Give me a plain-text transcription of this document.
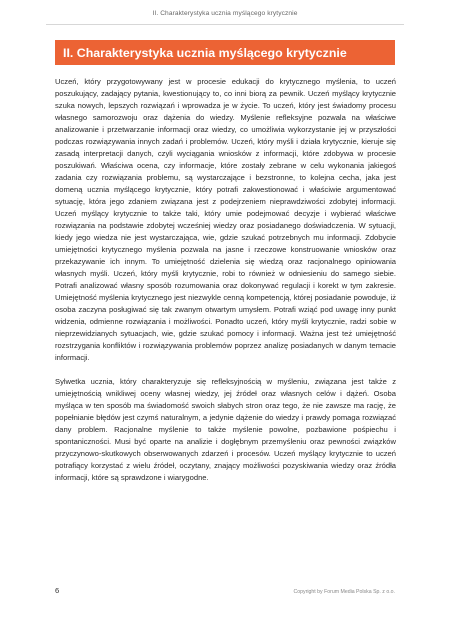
II. Charakterystyka ucznia myślącego krytycznie
II. Charakterystyka ucznia myślącego krytycznie

Uczeń, który przygotowywany jest w procesie edukacji do krytycznego myślenia, to uczeń poszukujący, zadający pytania, kwestionujący to, co inni biorą za pewnik. Uczeń myślący krytycznie szuka nowych, lepszych rozwiązań i wprowadza je w życie. To uczeń, który jest świadomy procesu własnego samorozwoju oraz dążenia do wiedzy. Myślenie refleksyjne pozwala na właściwe analizowanie i przetwarzanie informacji oraz wiedzy, co umożliwia wykorzystanie jej w przyszłości podczas rozwiązywania innych zadań i problemów. Uczeń, który myśli i działa krytycznie, kieruje się zasadą interpretacji danych, czyli wyciągania wniosków z informacji, które zdobywa w procesie poszukiwań. Właściwa ocena, czy informacje, które zostały zebrane w celu wykonania jakiegoś zadania czy rozwiązania problemu, są wystarczające i bezstronne, to kolejna cecha, jaka jest domeną ucznia myślącego krytycznie, który potrafi zakwestionować i właściwie argumentować sytuację, która jego zdaniem związana jest z podejrzeniem nieprawdziwości zdobytej informacji. Uczeń myślący krytycznie to także taki, który umie podejmować decyzje i wybierać właściwe rozwiązania na podstawie zdobytej wcześniej wiedzy oraz posiadanego doświadczenia. W sytuacji, kiedy jego wiedza nie jest wystarczająca, wie, gdzie szukać potrzebnych mu informacji. Zdobycie umiejętności krytycznego myślenia pozwala na jasne i rzeczowe konstruowanie wniosków oraz przekazywanie ich innym. To umiejętność dzielenia się wiedzą oraz racjonalnego opiniowania własnych myśli. Uczeń, który myśli krytycznie, robi to również w odniesieniu do samego siebie. Potrafi analizować własny sposób rozumowania oraz dokonywać regulacji i korekt w tym zakresie. Umiejętność myślenia krytycznego jest niezwykle cenną kompetencją, której posiadanie powoduje, iż osoba zaczyna posługiwać się tak zwanym otwartym umysłem. Potrafi wziąć pod uwagę inny punkt widzenia, odmienne rozwiązania i możliwości. Ponadto uczeń, który myśli krytycznie, radzi sobie w nieprzewidzianych sytuacjach, wie, gdzie szukać pomocy i informacji. Ważna jest też umiejętność rozstrzygania konfliktów i rozwiązywania problemów poprzez analizę posiadanych w danym temacie informacji.

Sylwetka ucznia, który charakteryzuje się refleksyjnością w myśleniu, związana jest także z umiejętnością wnikliwej oceny własnej wiedzy, jej źródeł oraz własnych celów i dążeń. Osoba myśląca w ten sposób ma świadomość swoich słabych stron oraz tego, że nie zawsze ma rację, że popełnianie błędów jest czymś naturalnym, a jedynie dążenie do wiedzy i prawdy pomaga rozwiązać dany problem. Racjonalne myślenie to także myślenie powolne, pozbawione pośpiechu i spontaniczności. Musi być oparte na analizie i dogłębnym przemyśleniu oraz pewności związków przyczynowo-skutkowych obserwowanych zdarzeń i procesów. Uczeń myślący krytycznie to uczeń potrafiący korzystać z wielu źródeł, oczytany, znający możliwości pozyskiwania wiedzy oraz źródła informacji, które są sprawdzone i wiarygodne.

6	Copyright by Forum Media Polska Sp. z o.o.
